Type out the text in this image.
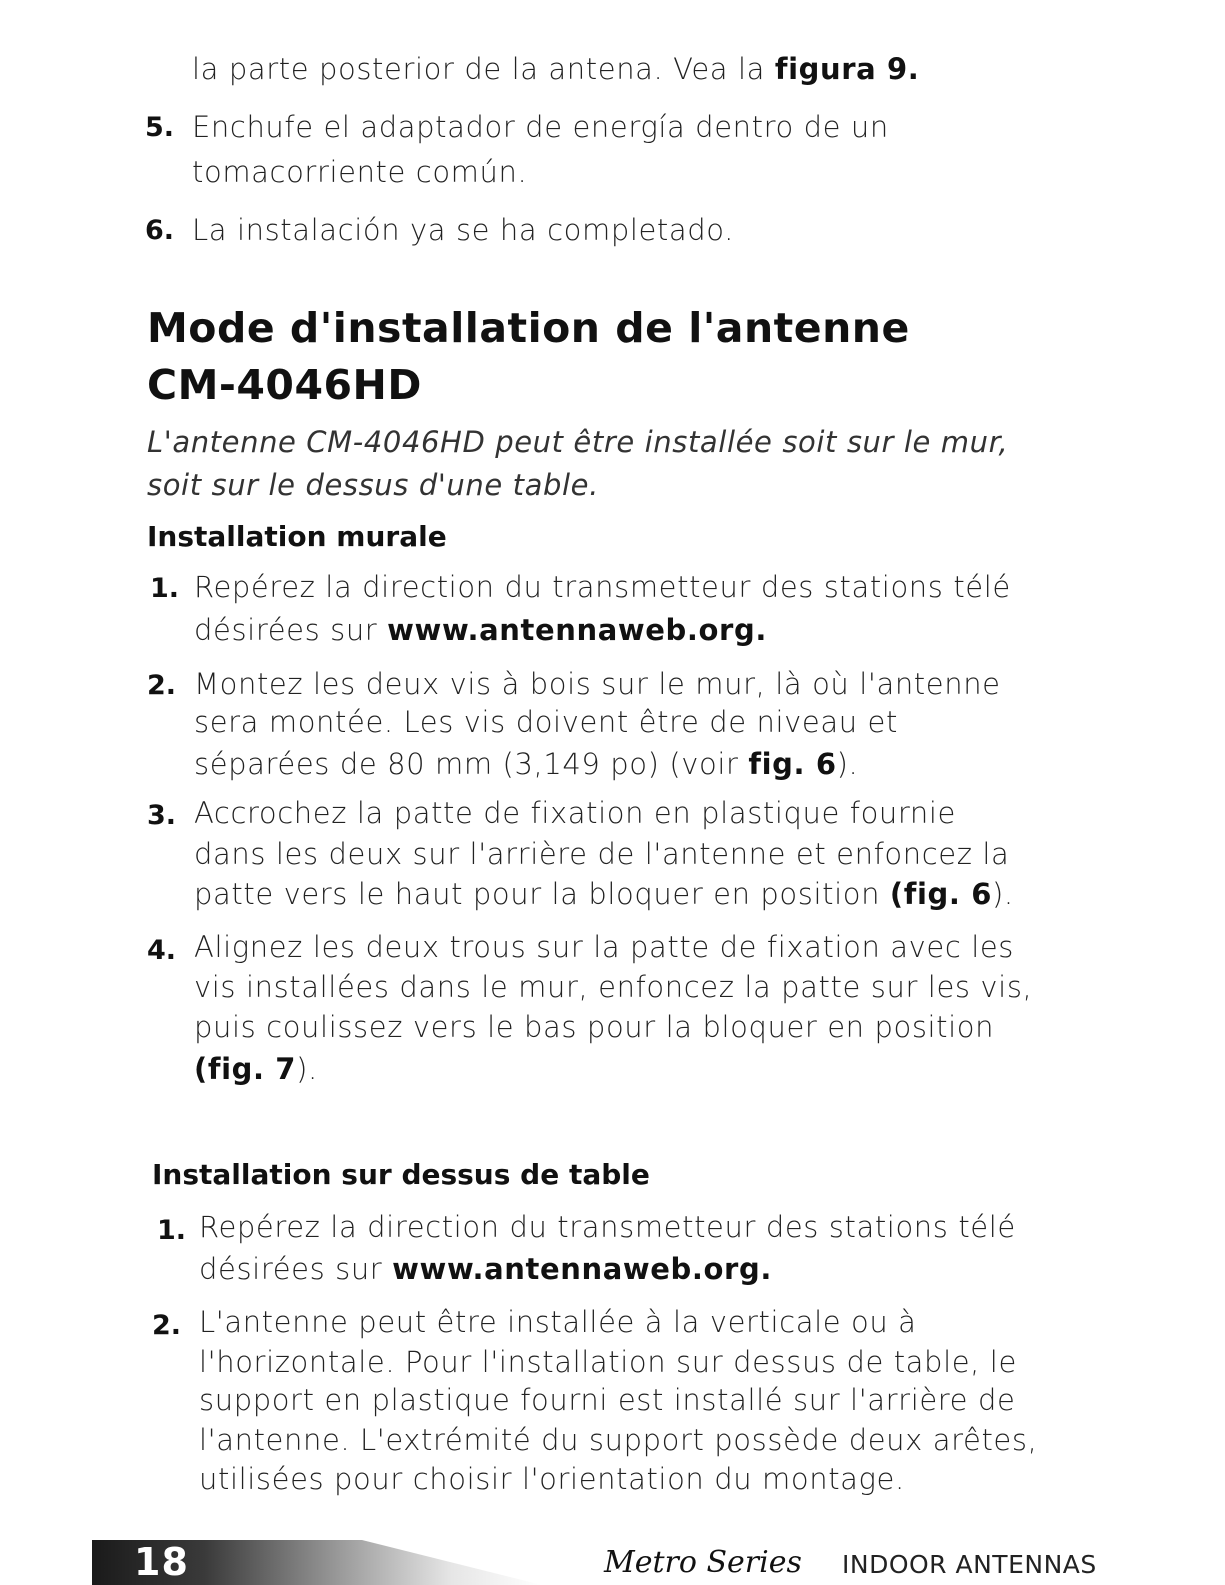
la parte posterior de la antena. Vea la figura 9.
5. Enchufe el adaptador de energía dentro de un
tomacorriente común.
6. La instalación ya se ha completado.
Mode d'installation de l'antenne
CM-4046HD
L'antenne CM-4046HD peut être installée soit sur le mur,
soit sur le dessus d'une table.
Installation murale
1. Repérez la direction du transmetteur des stations télé
désirées sur www.antennaweb.org.
2. Montez les deux vis à bois sur le mur, là où l'antenne
sera montée. Les vis doivent être de niveau et
séparées de 80 mm (3,149 po) (voir fig. 6).
3. Accrochez la patte de fixation en plastique fournie
dans les deux sur l'arrière de l'antenne et enfoncez la
patte vers le haut pour la bloquer en position (fig. 6).
4. Alignez les deux trous sur la patte de fixation avec les
vis installées dans le mur, enfoncez la patte sur les vis,
puis coulissez vers le bas pour la bloquer en position
(fig. 7).
Installation sur dessus de table
1. Repérez la direction du transmetteur des stations télé
désirées sur www.antennaweb.org.
2. L'antenne peut être installée à la verticale ou à
l'horizontale. Pour l'installation sur dessus de table, le
support en plastique fourni est installé sur l'arrière de
l'antenne. L'extrémité du support possède deux arêtes,
utilisées pour choisir l'orientation du montage.
18	Metro Series INDOOR ANTENNAS
